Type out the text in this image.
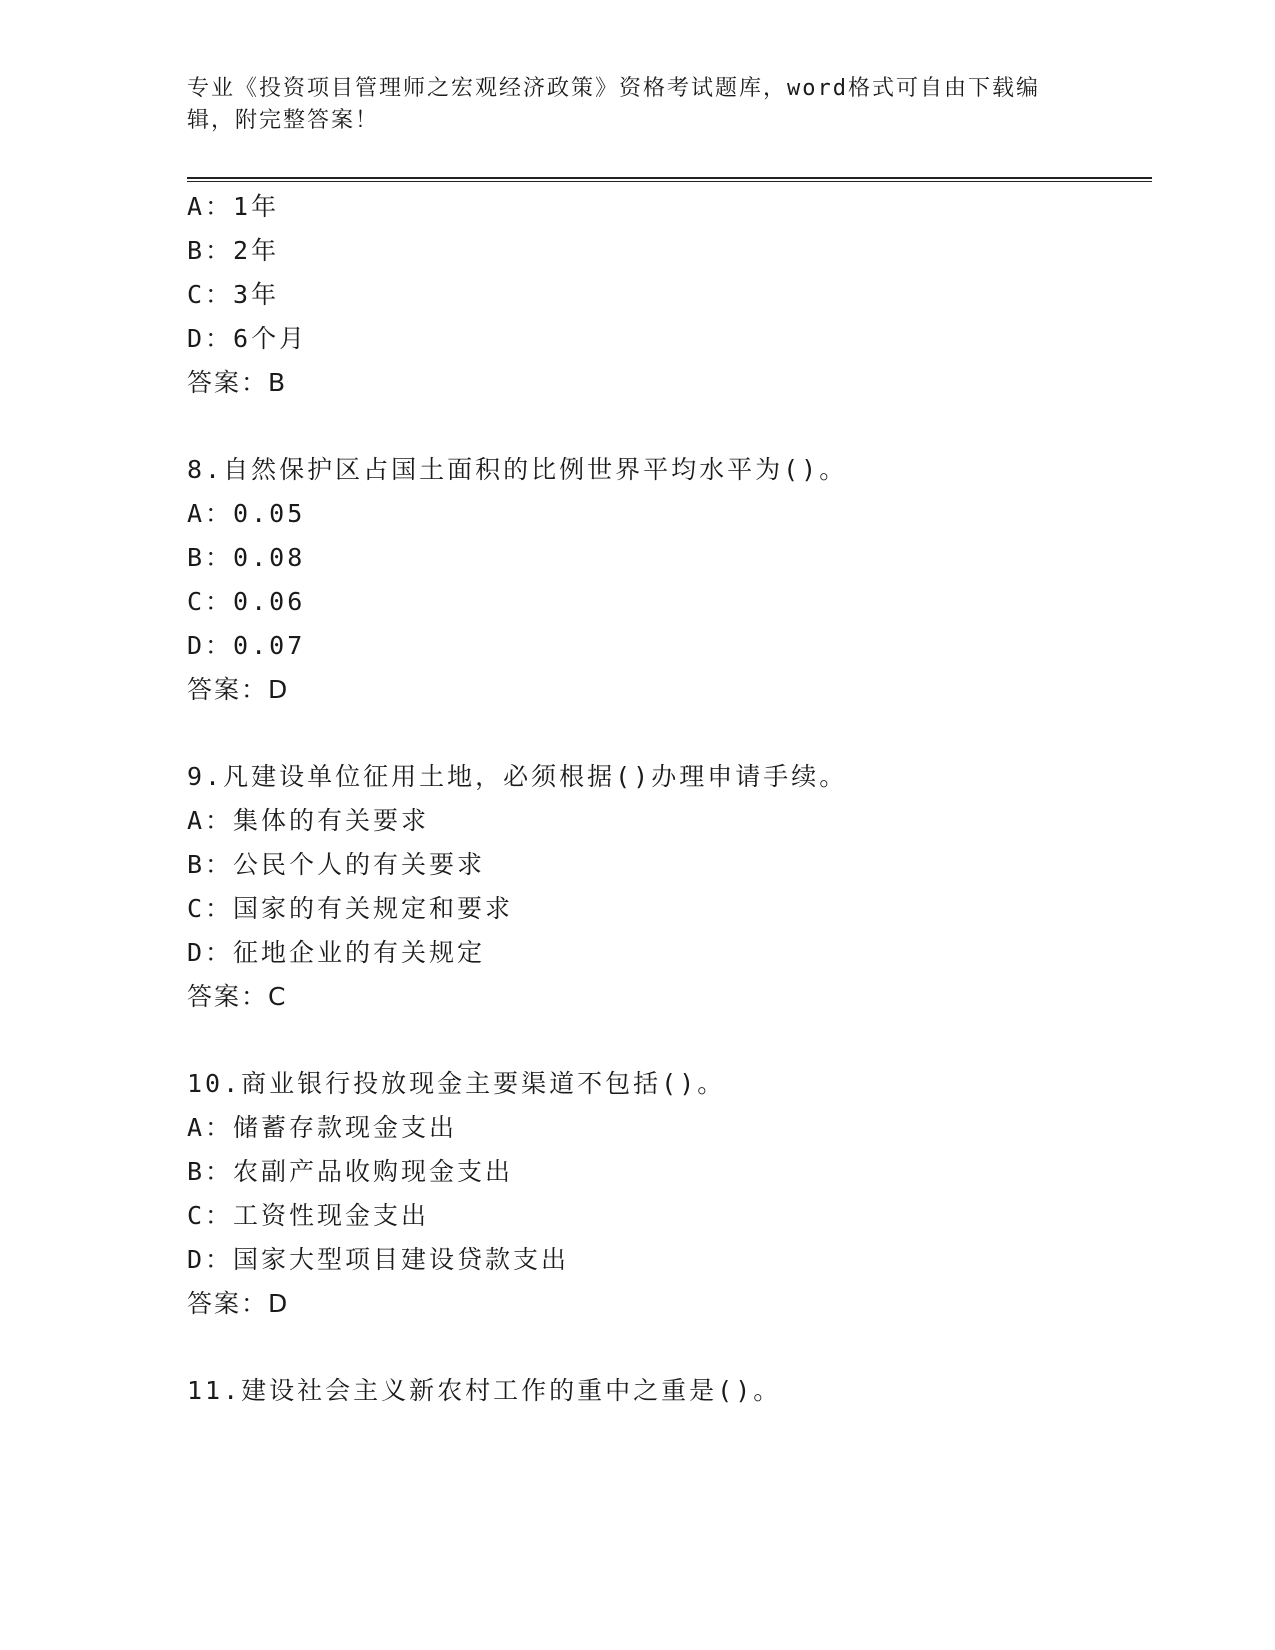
专业《投资项目管理师之宏观经济政策》资格考试题库，word格式可自由下载编辑，附完整答案！
A：1年
B：2年
C：3年
D：6个月
答案：B
8.自然保护区占国土面积的比例世界平均水平为()。
A：0.05
B：0.08
C：0.06
D：0.07
答案：D
9.凡建设单位征用土地，必须根据()办理申请手续。
A：集体的有关要求
B：公民个人的有关要求
C：国家的有关规定和要求
D：征地企业的有关规定
答案：C
10.商业银行投放现金主要渠道不包括()。
A：储蓄存款现金支出
B：农副产品收购现金支出
C：工资性现金支出
D：国家大型项目建设贷款支出
答案：D
11.建设社会主义新农村工作的重中之重是()。
